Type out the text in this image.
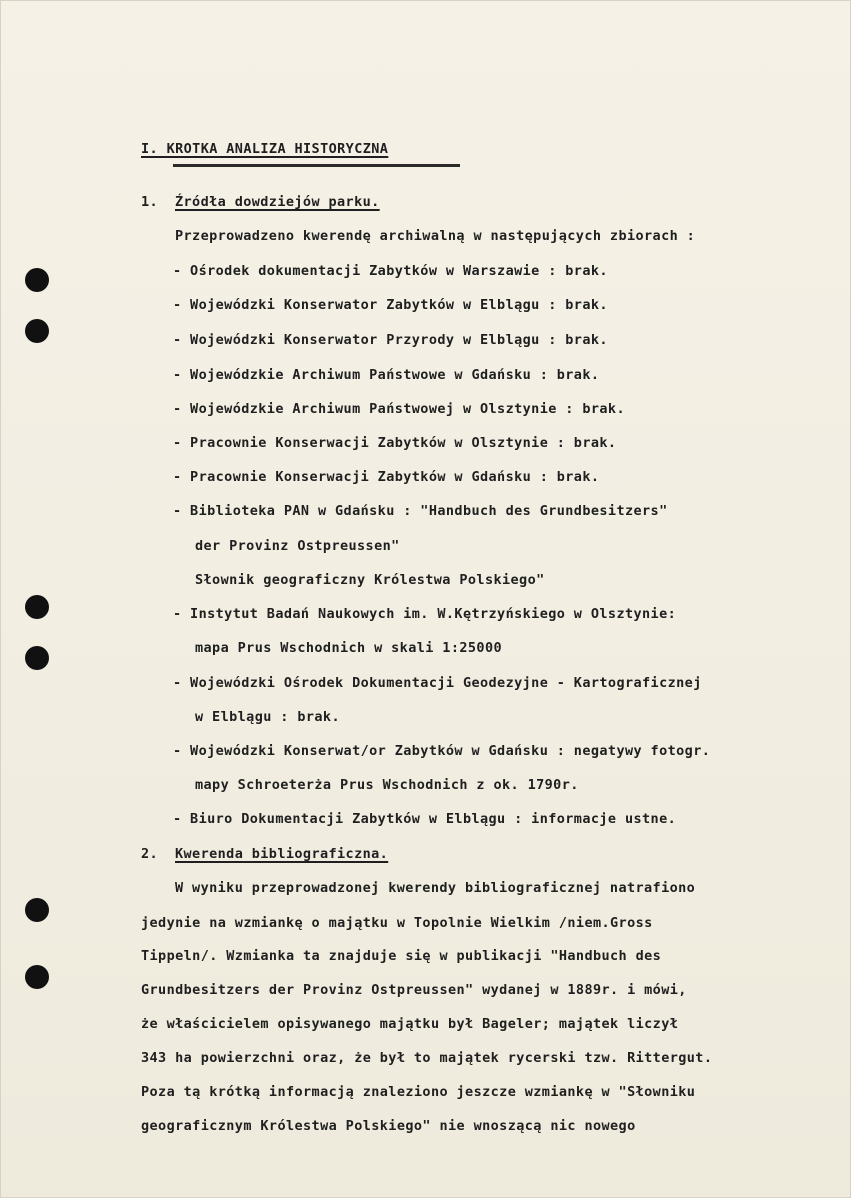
I. KROTKA ANALIZA HISTORYCZNA
1. Źródła dowdziejów parku.
Przeprowadzeno kwerendę archiwalną w następujących zbiorach :
- Ośrodek dokumentacji Zabytków w Warszawie : brak.
- Wojewódzki Konserwator Zabytków w Elblągu : brak.
- Wojewódzki Konserwator Przyrody w Elblągu : brak.
- Wojewódzkie Archiwum Państwowe w Gdańsku : brak.
- Wojewódzkie Archiwum Państwowej w Olsztynie : brak.
- Pracownie Konserwacji Zabytków w Olsztynie : brak.
- Pracownie Konserwacji Zabytków w Gdańsku : brak.
- Biblioteka PAN w Gdańsku : "Handbuch des Grundbesitzers"
der Provinz Ostpreussen"
Słownik geograficzny Królestwa Polskiego"
- Instytut Badań Naukowych im. W.Kętrzyńskiego w Olsztynie:
mapa Prus Wschodnich w skali 1:25000
- Wojewódzki Ośrodek Dokumentacji Geodezyjne - Kartograficznej
w Elblągu : brak.
- Wojewódzki Konserwat/or Zabytków w Gdańsku : negatywy fotogr.
mapy Schroeterża Prus Wschodnich z ok. 1790r.
- Biuro Dokumentacji Zabytków w Elblągu : informacje ustne.
2. Kwerenda bibliograficzna.
W wyniku przeprowadzonej kwerendy bibliograficznej natrafiono
jedynie na wzmiankę o majątku w Topolnie Wielkim /niem.Gross
Tippeln/. Wzmianka ta znajduje się w publikacji "Handbuch des
Grundbesitzers der Provinz Ostpreussen" wydanej w 1889r. i mówi,
że właścicielem opisywanego majątku był Bageler; majątek liczył
343 ha powierzchni oraz, że był to majątek rycerski tzw. Rittergut.
Poza tą krótką informacją znaleziono jeszcze wzmiankę w "Słowniku
geograficznym Królestwa Polskiego" nie wnoszącą nic nowego
